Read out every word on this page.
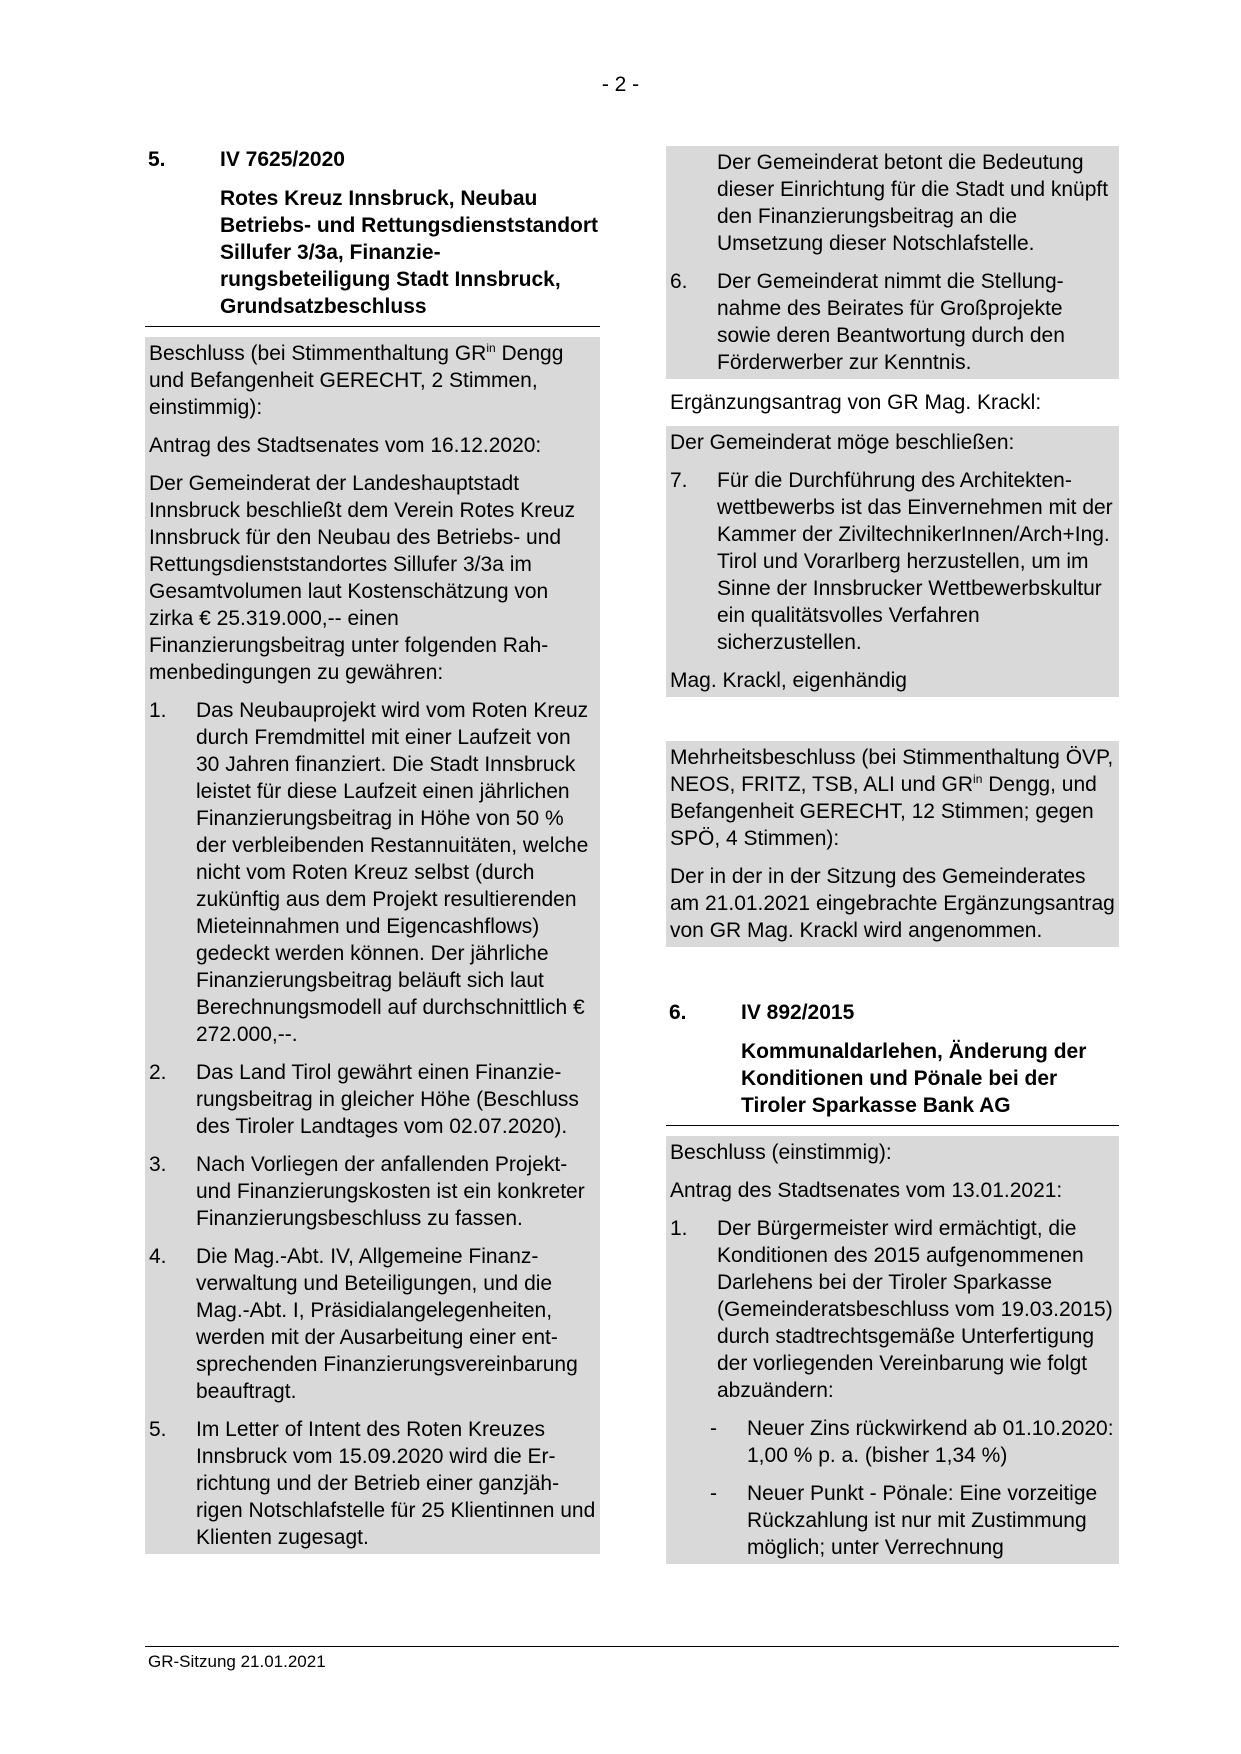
- 2 -
5.	IV 7625/2020
Rotes Kreuz Innsbruck, Neubau Betriebs- und Rettungsdienststandort Sillufer 3/3a, Finanzierungsbeteiligung Stadt Innsbruck, Grundsatzbeschluss
Beschluss (bei Stimmenthaltung $GR^{in}$ Dengg und Befangenheit GERECHT, 2 Stimmen, einstimmig):
Antrag des Stadtsenates vom 16.12.2020:
Der Gemeinderat der Landeshauptstadt Innsbruck beschließt dem Verein Rotes Kreuz Innsbruck für den Neubau des Betriebs- und Rettungsdienststandortes Sillufer 3/3a im Gesamtvolumen laut Kostenschätzung von zirka € 25.319.000,-- einen Finanzierungsbeitrag unter folgenden Rahmenbedingungen zu gewähren:
1.	Das Neubauprojekt wird vom Roten Kreuz durch Fremdmittel mit einer Laufzeit von 30 Jahren finanziert. Die Stadt Innsbruck leistet für diese Laufzeit einen jährlichen Finanzierungsbeitrag in Höhe von 50 % der verbleibenden Restannuitäten, welche nicht vom Roten Kreuz selbst (durch zukünftig aus dem Projekt resultierenden Mieteinnahmen und Eigencashflows) gedeckt werden können. Der jährliche Finanzierungsbeitrag beläuft sich laut Berechnungsmodell auf durchschnittlich € 272.000,--.
2.	Das Land Tirol gewährt einen Finanzierungsbeitrag in gleicher Höhe (Beschluss des Tiroler Landtages vom 02.07.2020).
3.	Nach Vorliegen der anfallenden Projekt- und Finanzierungskosten ist ein konkreter Finanzierungsbeschluss zu fassen.
4.	Die Mag.-Abt. IV, Allgemeine Finanzverwaltung und Beteiligungen, und die Mag.-Abt. I, Präsidialangelegenheiten, werden mit der Ausarbeitung einer entsprechenden Finanzierungsvereinbarung beauftragt.
5.	Im Letter of Intent des Roten Kreuzes Innsbruck vom 15.09.2020 wird die Errichtung und der Betrieb einer ganzjährigen Notschlafstelle für 25 Klientinnen und Klienten zugesagt.
Der Gemeinderat betont die Bedeutung dieser Einrichtung für die Stadt und knüpft den Finanzierungsbeitrag an die Umsetzung dieser Notschlafstelle.
6.	Der Gemeinderat nimmt die Stellungnahme des Beirates für Großprojekte sowie deren Beantwortung durch den Förderwerber zur Kenntnis.
Ergänzungsantrag von GR Mag. Krackl:
Der Gemeinderat möge beschließen:
7.	Für die Durchführung des Architektenwettbewerbs ist das Einvernehmen mit der Kammer der ZiviltechnikerInnen/Arch+Ing. Tirol und Vorarlberg herzustellen, um im Sinne der Innsbrucker Wettbewerbskultur ein qualitätsvolles Verfahren sicherzustellen.
Mag. Krackl, eigenhändig
Mehrheitsbeschluss (bei Stimmenthaltung ÖVP, NEOS, FRITZ, TSB, ALI und $GR^{in}$ Dengg, und Befangenheit GERECHT, 12 Stimmen; gegen SPÖ, 4 Stimmen):
Der in der in der Sitzung des Gemeinderates am 21.01.2021 eingebrachte Ergänzungsantrag von GR Mag. Krackl wird angenommen.
6.	IV 892/2015
Kommunaldarlehen, Änderung der Konditionen und Pönale bei der Tiroler Sparkasse Bank AG
Beschluss (einstimmig):
Antrag des Stadtsenates vom 13.01.2021:
1.	Der Bürgermeister wird ermächtigt, die Konditionen des 2015 aufgenommenen Darlehens bei der Tiroler Sparkasse (Gemeinderatsbeschluss vom 19.03.2015) durch stadtrechtsgemäße Unterfertigung der vorliegenden Vereinbarung wie folgt abzuändern:
-	Neuer Zins rückwirkend ab 01.10.2020: 1,00 % p. a. (bisher 1,34 %)
-	Neuer Punkt - Pönale: Eine vorzeitige Rückzahlung ist nur mit Zustimmung möglich; unter Verrechnung
GR-Sitzung 21.01.2021
